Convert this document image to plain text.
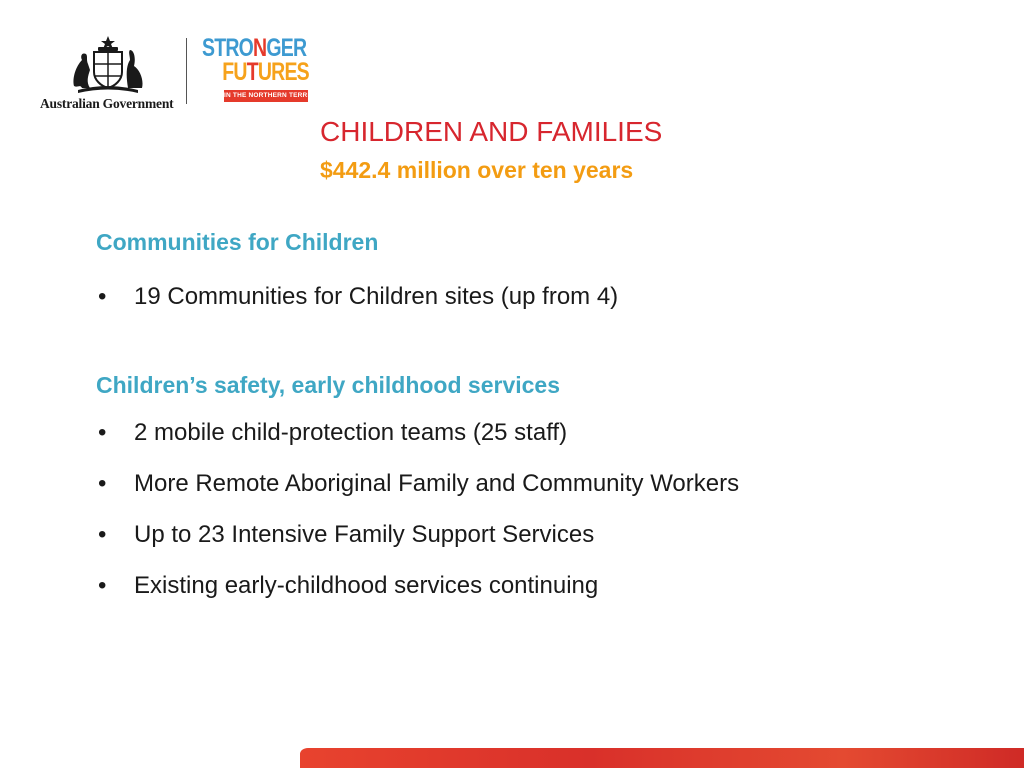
Australian Government
STRONGER
FUTURES
IN THE NORTHERN TERRITORY
CHILDREN AND FAMILIES
$442.4 million over ten years
Communities for Children
• 19 Communities for Children sites (up from 4)
Children’s safety, early childhood services
• 2 mobile child-protection teams (25 staff)
• More Remote Aboriginal Family and Community Workers
• Up to 23 Intensive Family Support Services
• Existing early-childhood services continuing
